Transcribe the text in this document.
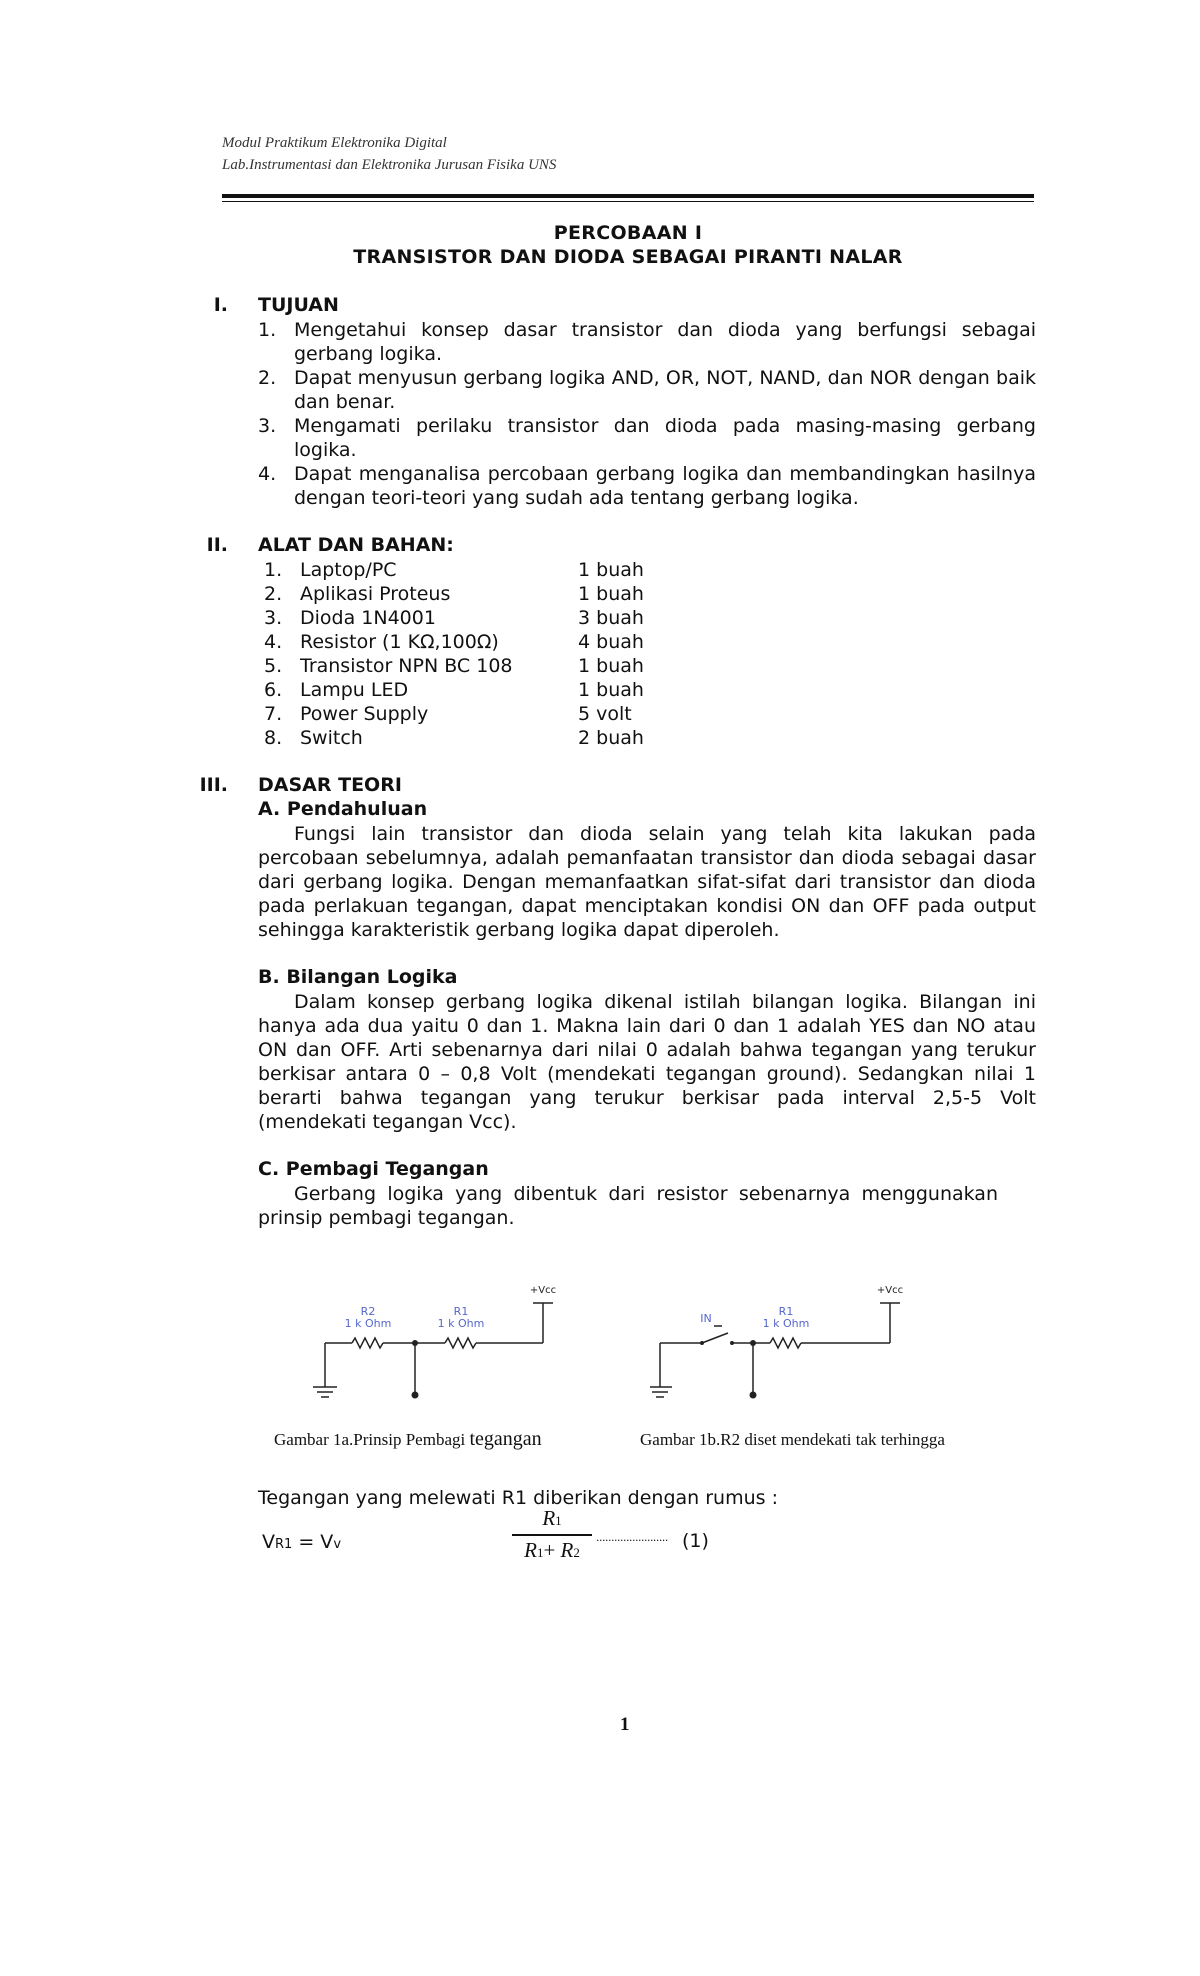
Modul Praktikum Elektronika Digital
Lab.Instrumentasi dan Elektronika Jurusan Fisika UNS
PERCOBAAN I
TRANSISTOR DAN DIODA SEBAGAI PIRANTI NALAR
I. TUJUAN
1. Mengetahui konsep dasar transistor dan dioda yang berfungsi sebagai gerbang logika.
2. Dapat menyusun gerbang logika AND, OR, NOT, NAND, dan NOR dengan baik dan benar.
3. Mengamati perilaku transistor dan dioda pada masing-masing gerbang logika.
4. Dapat menganalisa percobaan gerbang logika dan membandingkan hasilnya dengan teori-teori yang sudah ada tentang gerbang logika.
II. ALAT DAN BAHAN:
1. Laptop/PC	1 buah
2. Aplikasi Proteus	1 buah
3. Dioda 1N4001	3 buah
4. Resistor (1 KΩ,100Ω)	4 buah
5. Transistor NPN BC 108	1 buah
6. Lampu LED	1 buah
7. Power Supply	5 volt
8. Switch	2 buah
III. DASAR TEORI
A. Pendahuluan
Fungsi lain transistor dan dioda selain yang telah kita lakukan pada percobaan sebelumnya, adalah pemanfaatan transistor dan dioda sebagai dasar dari gerbang logika. Dengan memanfaatkan sifat-sifat dari transistor dan dioda pada perlakuan tegangan, dapat menciptakan kondisi ON dan OFF pada output sehingga karakteristik gerbang logika dapat diperoleh.
B. Bilangan Logika
Dalam konsep gerbang logika dikenal istilah bilangan logika. Bilangan ini hanya ada dua yaitu 0 dan 1. Makna lain dari 0 dan 1 adalah YES dan NO atau ON dan OFF. Arti sebenarnya dari nilai 0 adalah bahwa tegangan yang terukur berkisar antara 0 – 0,8 Volt (mendekati tegangan ground). Sedangkan nilai 1 berarti bahwa tegangan yang terukur berkisar pada interval 2,5-5 Volt (mendekati tegangan Vcc).
C. Pembagi Tegangan
Gerbang logika yang dibentuk dari resistor sebenarnya menggunakan prinsip pembagi tegangan.
R2
1 k Ohm
R1
1 k Ohm
+Vcc
IN
R1
1 k Ohm
+Vcc
Gambar 1a.Prinsip Pembagi tegangan	Gambar 1b.R2 diset mendekati tak terhingga
Tegangan yang melewati R1 diberikan dengan rumus :
VR1 = Vv
R1
R1+ R2
........................ (1)
1
